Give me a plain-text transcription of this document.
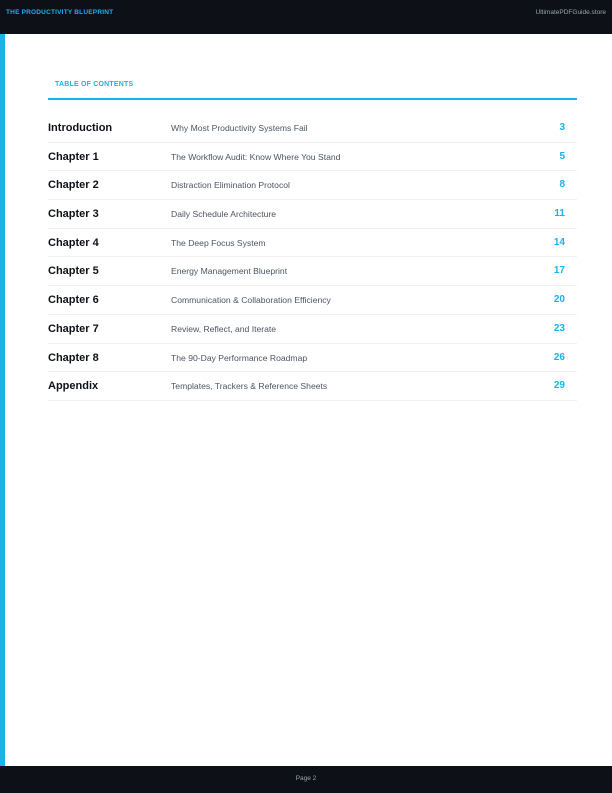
THE PRODUCTIVITY BLUEPRINT	UltimatePDFGuide.store
TABLE OF CONTENTS
Introduction	Why Most Productivity Systems Fail	3
Chapter 1	The Workflow Audit: Know Where You Stand	5
Chapter 2	Distraction Elimination Protocol	8
Chapter 3	Daily Schedule Architecture	11
Chapter 4	The Deep Focus System	14
Chapter 5	Energy Management Blueprint	17
Chapter 6	Communication & Collaboration Efficiency	20
Chapter 7	Review, Reflect, and Iterate	23
Chapter 8	The 90-Day Performance Roadmap	26
Appendix	Templates, Trackers & Reference Sheets	29
Page 2
